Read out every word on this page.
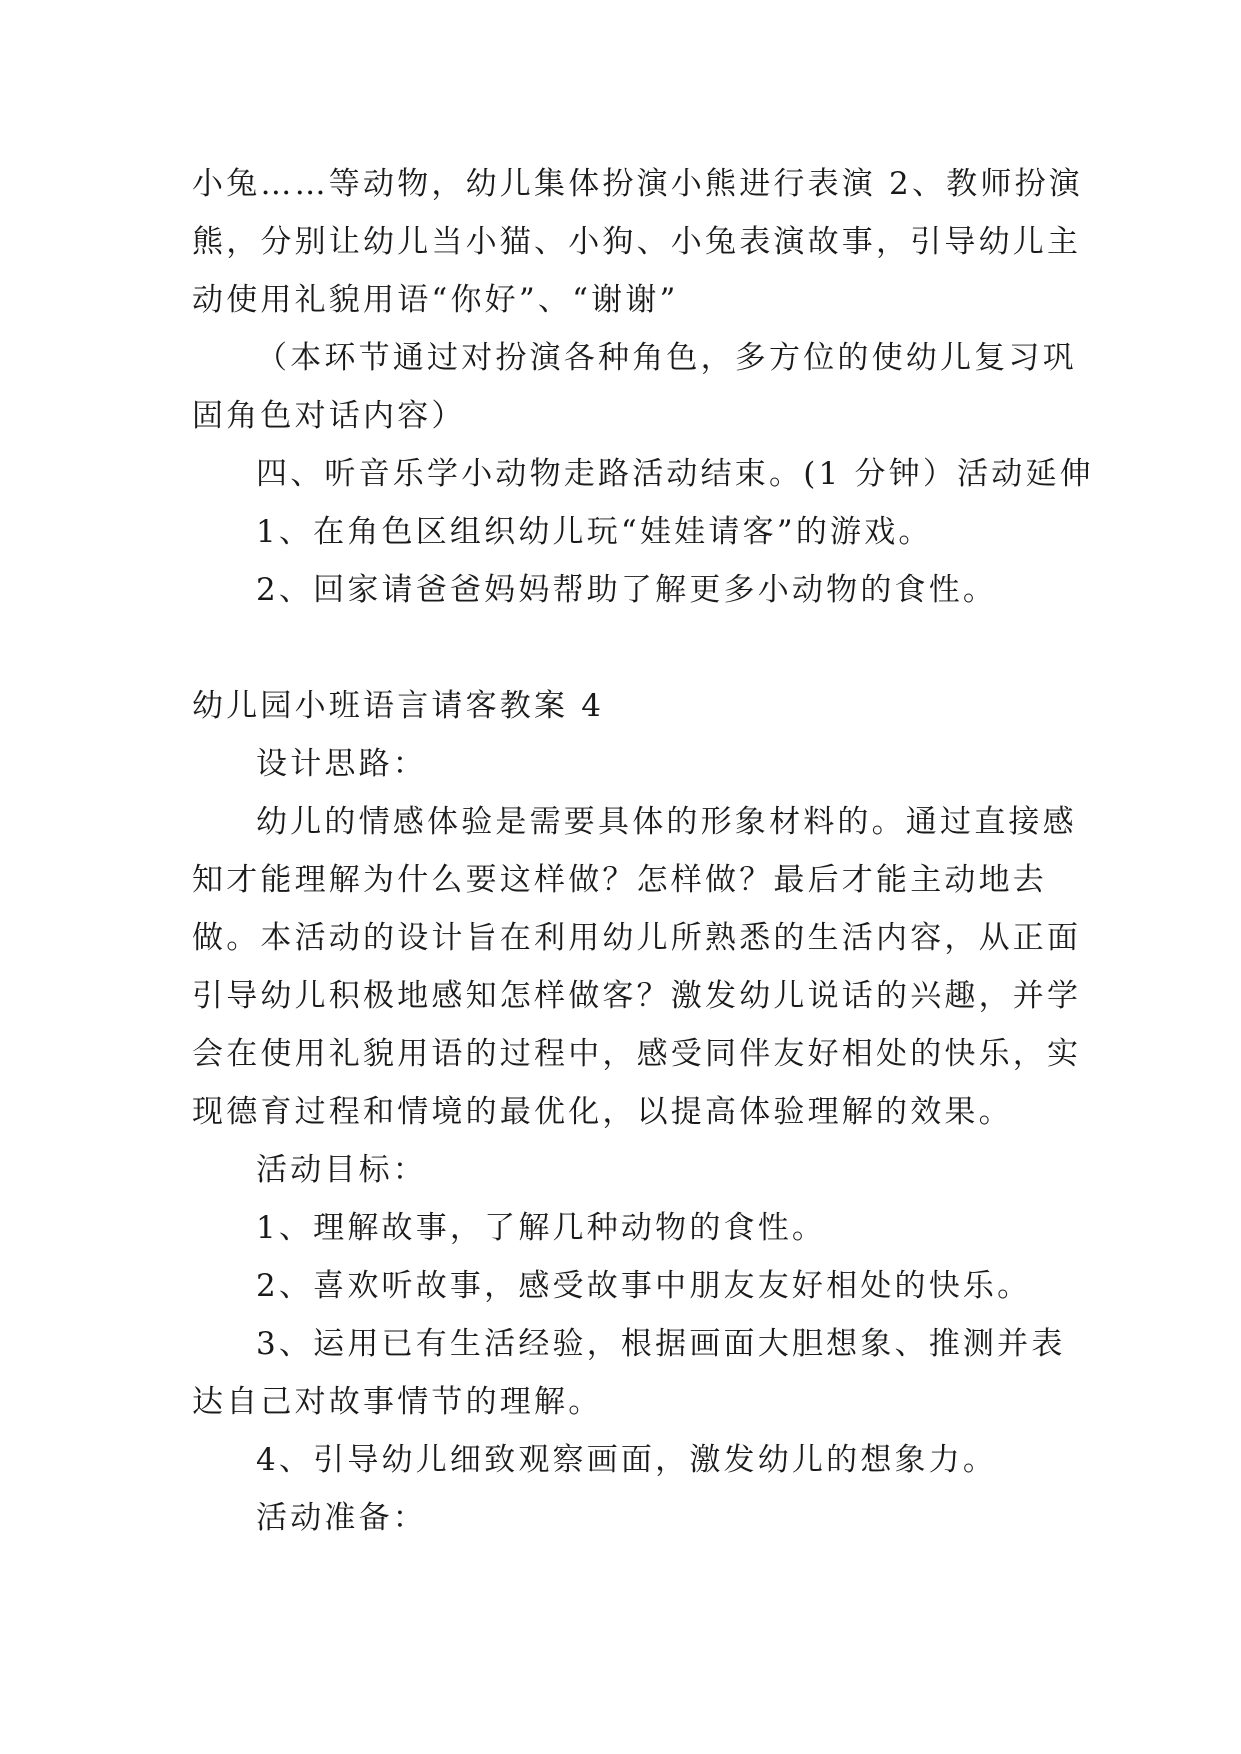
小兔……等动物，幼儿集体扮演小熊进行表演 2、教师扮演
熊，分别让幼儿当小猫、小狗、小兔表演故事，引导幼儿主
动使用礼貌用语“你好”、“谢谢”
（本环节通过对扮演各种角色，多方位的使幼儿复习巩
固角色对话内容）
四、听音乐学小动物走路活动结束。(1 分钟）活动延伸
1、在角色区组织幼儿玩“娃娃请客”的游戏。
2、回家请爸爸妈妈帮助了解更多小动物的食性。
幼儿园小班语言请客教案 4
设计思路：
幼儿的情感体验是需要具体的形象材料的。通过直接感
知才能理解为什么要这样做？怎样做？最后才能主动地去
做。本活动的设计旨在利用幼儿所熟悉的生活内容，从正面
引导幼儿积极地感知怎样做客？激发幼儿说话的兴趣，并学
会在使用礼貌用语的过程中，感受同伴友好相处的快乐，实
现德育过程和情境的最优化，以提高体验理解的效果。
活动目标：
1、理解故事，了解几种动物的食性。
2、喜欢听故事，感受故事中朋友友好相处的快乐。
3、运用已有生活经验，根据画面大胆想象、推测并表
达自己对故事情节的理解。
4、引导幼儿细致观察画面，激发幼儿的想象力。
活动准备：
